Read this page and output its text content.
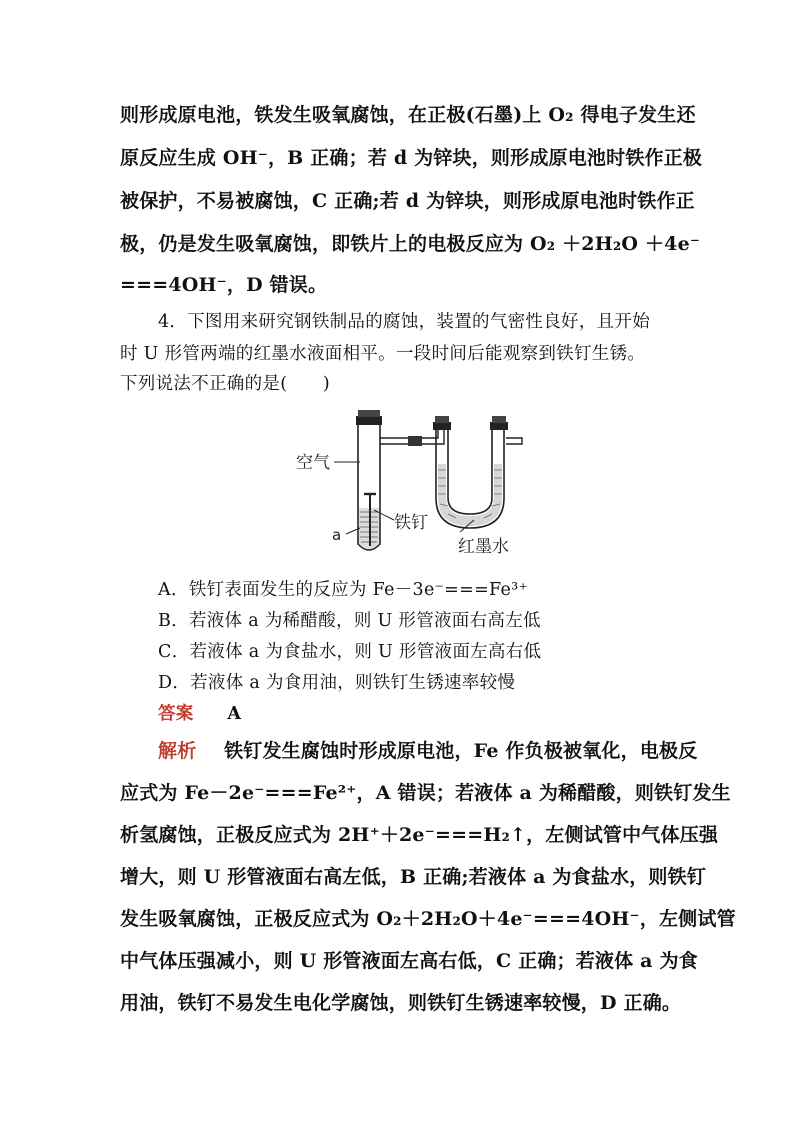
则形成原电池，铁发生吸氧腐蚀，在正极(石墨)上 O₂ 得电子发生还
原反应生成 OH⁻，B 正确；若 d 为锌块，则形成原电池时铁作正极
被保护，不易被腐蚀，C 正确;若 d 为锌块，则形成原电池时铁作正
极，仍是发生吸氧腐蚀，即铁片上的电极反应为 O₂ ＋2H₂O ＋4e⁻
===4OH⁻，D 错误。
4．下图用来研究钢铁制品的腐蚀，装置的气密性良好，且开始
时 U 形管两端的红墨水液面相平。一段时间后能观察到铁钉生锈。
下列说法不正确的是(　　)
空气
铁钉
a
红墨水
A．铁钉表面发生的反应为 Fe－3e⁻===Fe³⁺
B．若液体 a 为稀醋酸，则 U 形管液面右高左低
C．若液体 a 为食盐水，则 U 形管液面左高右低
D．若液体 a 为食用油，则铁钉生锈速率较慢
答案 A
解析 铁钉发生腐蚀时形成原电池，Fe 作负极被氧化，电极反
应式为 Fe－2e⁻===Fe²⁺，A 错误；若液体 a 为稀醋酸，则铁钉发生
析氢腐蚀，正极反应式为 2H⁺＋2e⁻===H₂↑，左侧试管中气体压强
增大，则 U 形管液面右高左低，B 正确;若液体 a 为食盐水，则铁钉
发生吸氧腐蚀，正极反应式为 O₂＋2H₂O＋4e⁻===4OH⁻，左侧试管
中气体压强减小，则 U 形管液面左高右低，C 正确；若液体 a 为食
用油，铁钉不易发生电化学腐蚀，则铁钉生锈速率较慢，D 正确。
